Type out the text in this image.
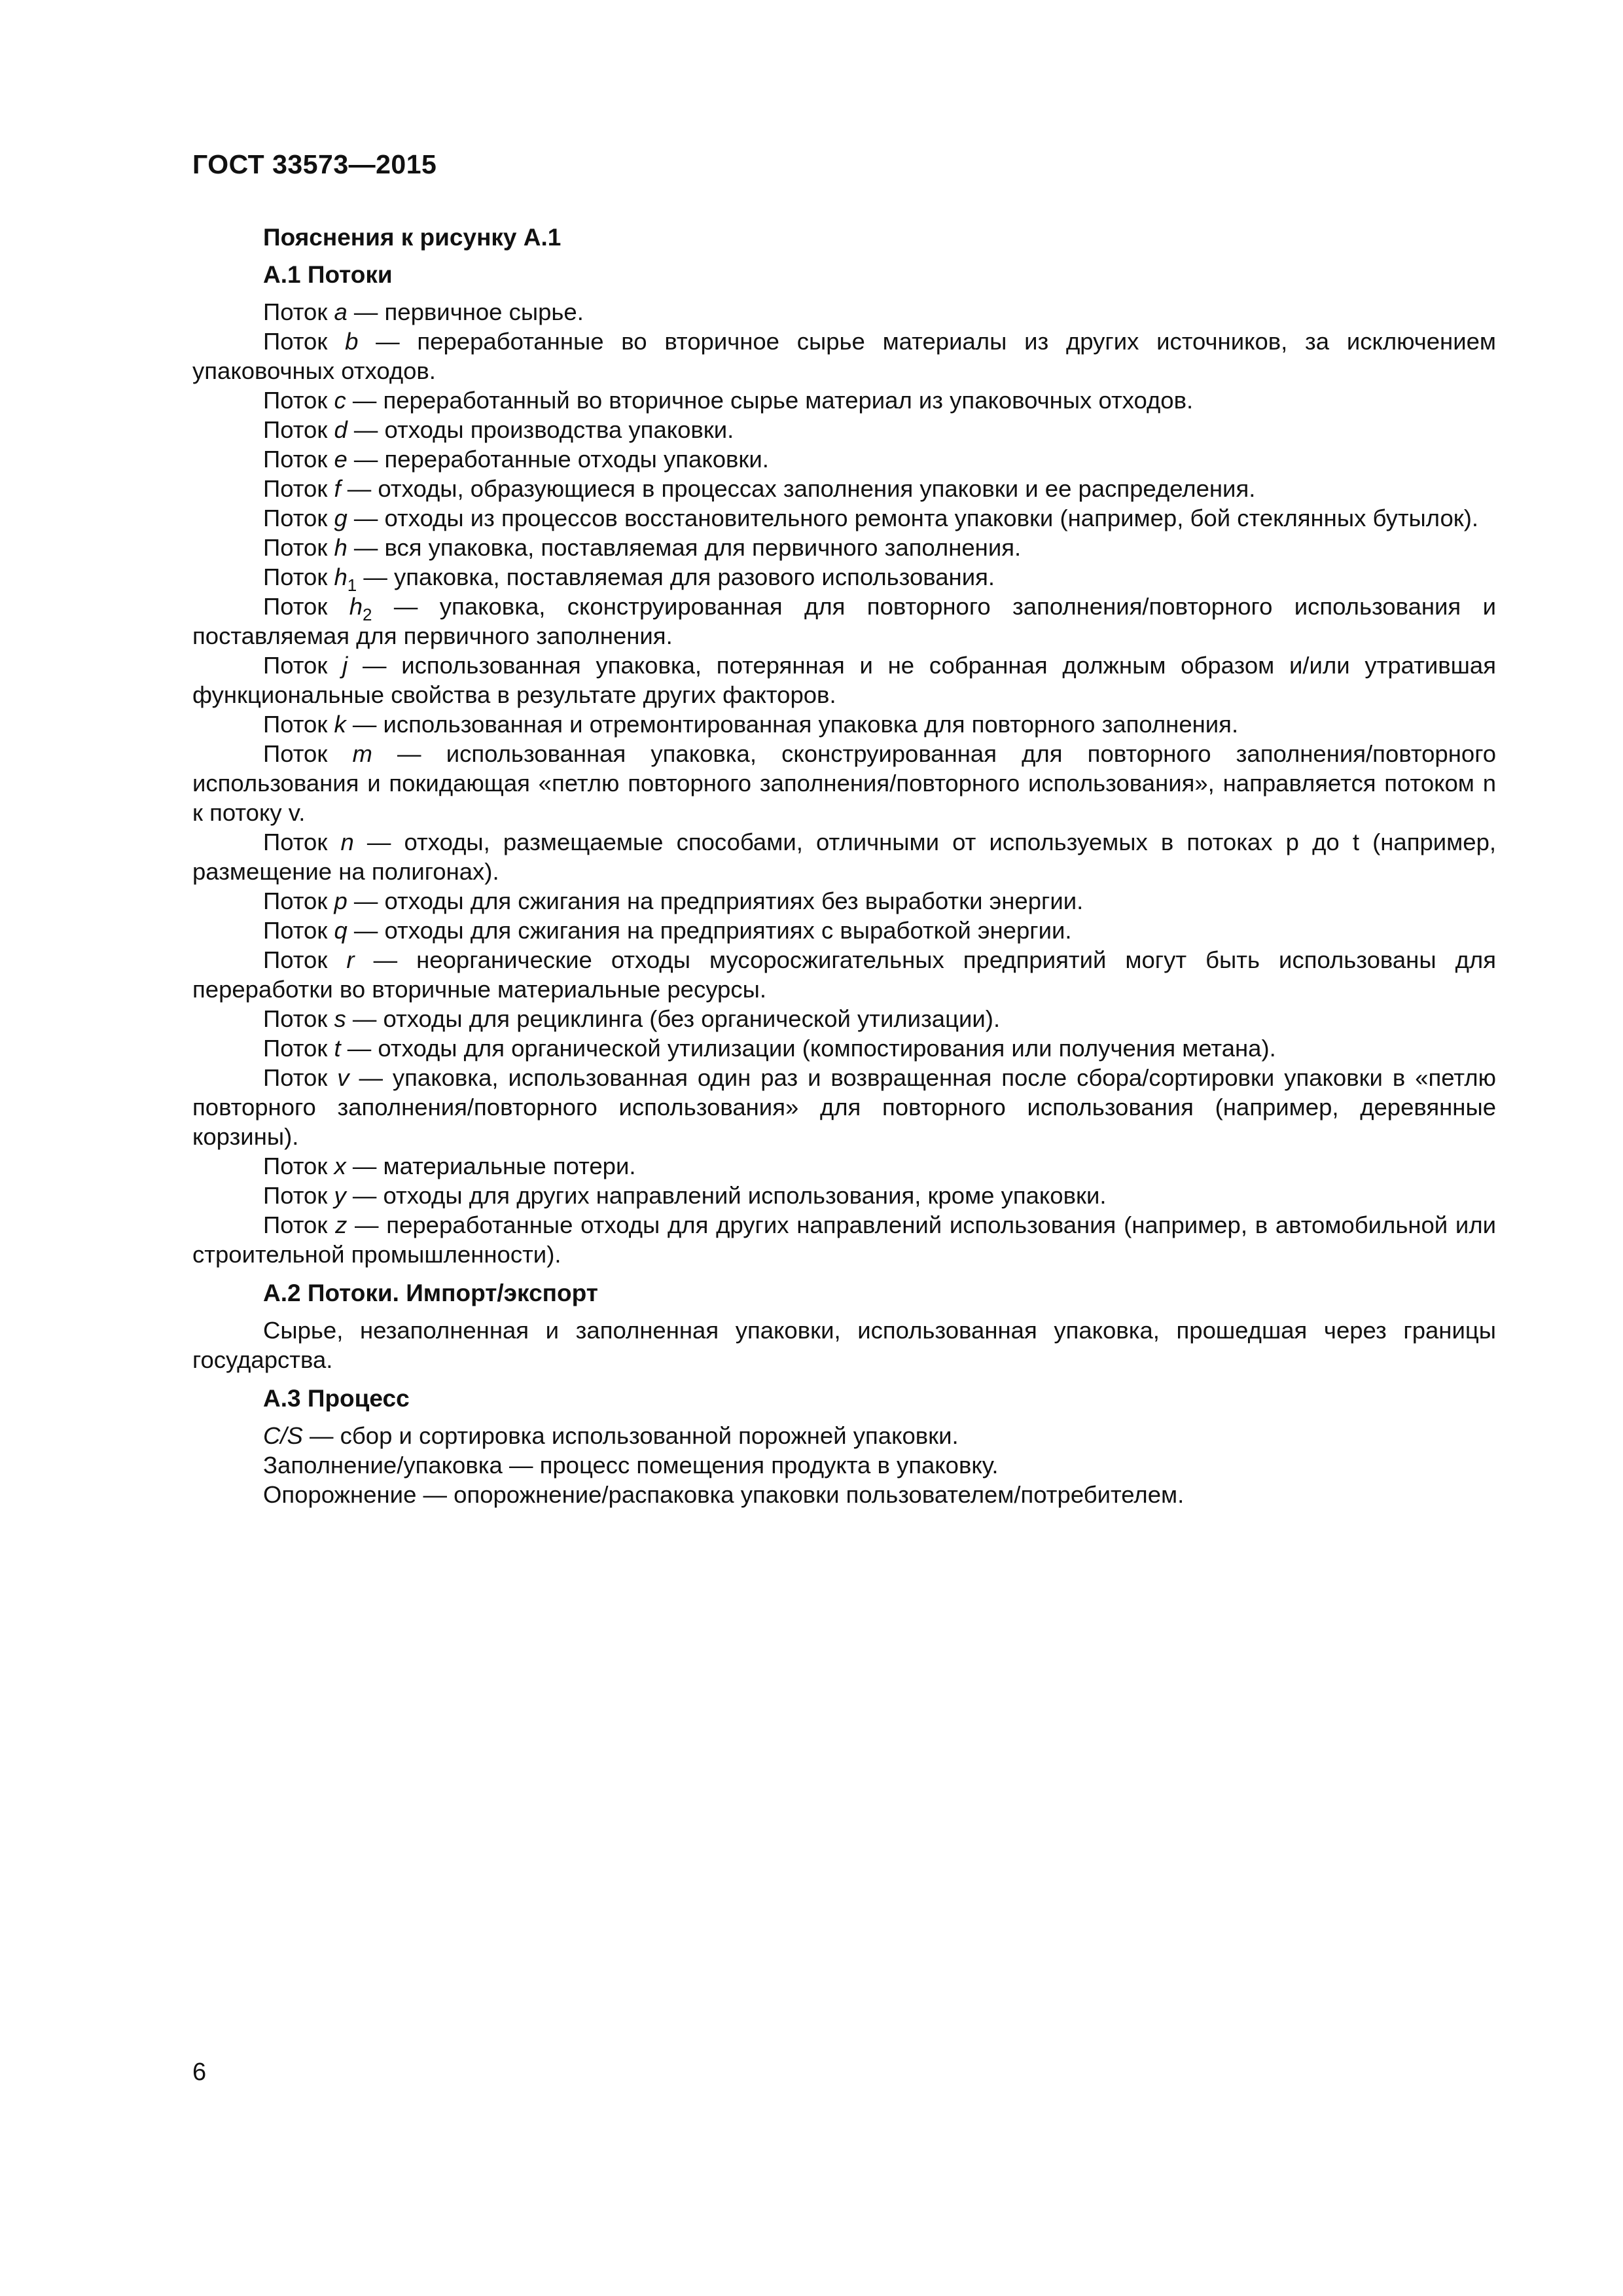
ГОСТ 33573—2015
Пояснения к рисунку А.1
А.1 Потоки
Поток a — первичное сырье.
Поток b — переработанные во вторичное сырье материалы из других источников, за исключением упаковочных отходов.
Поток c — переработанный во вторичное сырье материал из упаковочных отходов.
Поток d — отходы производства упаковки.
Поток e — переработанные отходы упаковки.
Поток f — отходы, образующиеся в процессах заполнения упаковки и ее распределения.
Поток g — отходы из процессов восстановительного ремонта упаковки (например, бой стеклянных бутылок).
Поток h — вся упаковка, поставляемая для первичного заполнения.
Поток $h_1$ — упаковка, поставляемая для разового использования.
Поток $h_2$ — упаковка, сконструированная для повторного заполнения/повторного использования и поставляемая для первичного заполнения.
Поток j — использованная упаковка, потерянная и не собранная должным образом и/или утратившая функциональные свойства в результате других факторов.
Поток k — использованная и отремонтированная упаковка для повторного заполнения.
Поток m — использованная упаковка, сконструированная для повторного заполнения/повторного использования и покидающая «петлю повторного заполнения/повторного использования», направляется потоком n к потоку v.
Поток n — отходы, размещаемые способами, отличными от используемых в потоках p до t (например, размещение на полигонах).
Поток p — отходы для сжигания на предприятиях без выработки энергии.
Поток q — отходы для сжигания на предприятиях с выработкой энергии.
Поток r — неорганические отходы мусоросжигательных предприятий могут быть использованы для переработки во вторичные материальные ресурсы.
Поток s — отходы для рециклинга (без органической утилизации).
Поток t — отходы для органической утилизации (компостирования или получения метана).
Поток v — упаковка, использованная один раз и возвращенная после сбора/сортировки упаковки в «петлю повторного заполнения/повторного использования» для повторного использования (например, деревянные корзины).
Поток x — материальные потери.
Поток y — отходы для других направлений использования, кроме упаковки.
Поток z — переработанные отходы для других направлений использования (например, в автомобильной или строительной промышленности).
А.2 Потоки. Импорт/экспорт
Сырье, незаполненная и заполненная упаковки, использованная упаковка, прошедшая через границы государства.
А.3 Процесс
C/S — сбор и сортировка использованной порожней упаковки.
Заполнение/упаковка — процесс помещения продукта в упаковку.
Опорожнение — опорожнение/распаковка упаковки пользователем/потребителем.
6
